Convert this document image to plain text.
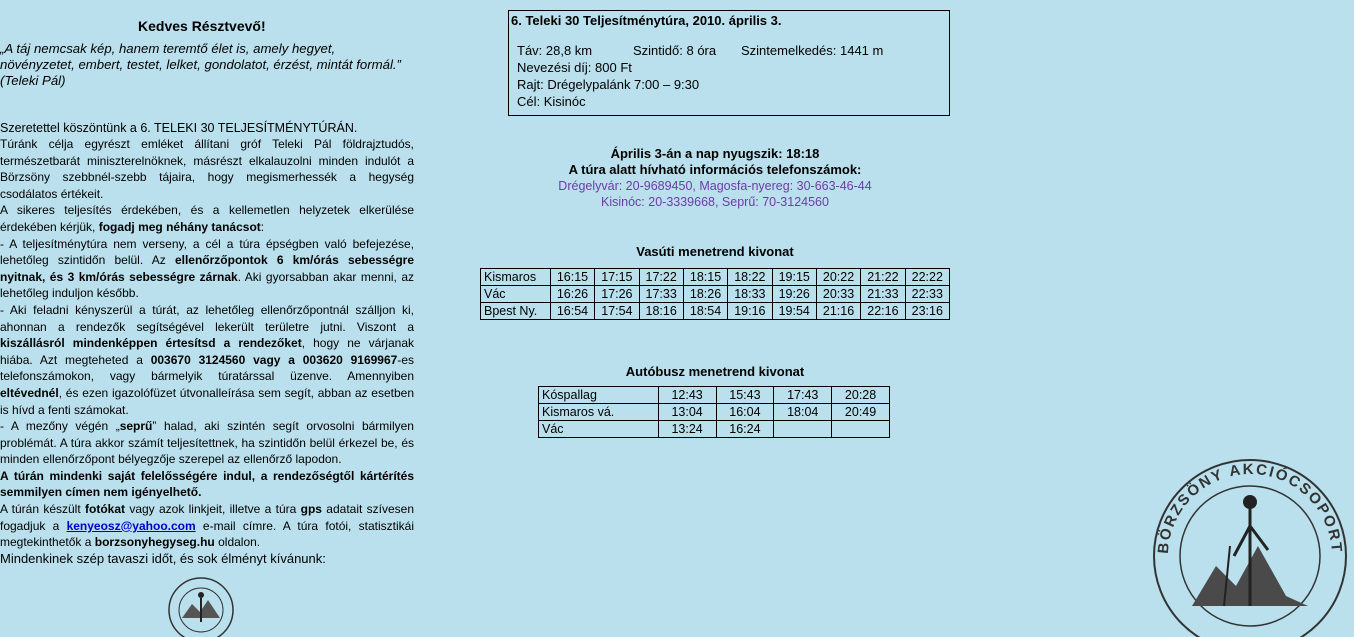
Kedves Résztvevő!
„A táj nemcsak kép, hanem teremtő élet is, amely hegyet, növényzetet, embert, testet, lelket, gondolatot, érzést, mintát formál.” (Teleki Pál)
Szeretettel köszöntünk a 6. TELEKI 30 TELJESÍTMÉNYTÚRÁN.

Túránk célja egyrészt emléket állítani gróf Teleki Pál földrajztudós, természetbarát miniszterelnöknek, másrészt elkalauzolni minden indulót a Börzsöny szebbnél-szebb tájaira, hogy megismerhessék a hegység csodálatos értékeit.

A sikeres teljesítés érdekében, és a kellemetlen helyzetek elkerülése érdekében kérjük, fogadj meg néhány tanácsot:

- A teljesítménytúra nem verseny, a cél a túra épségben való befejezése, lehetőleg szintidőn belül. Az ellenőrzőpontok 6 km/órás sebességre nyitnak, és 3 km/órás sebességre zárnak. Aki gyorsabban akar menni, az lehetőleg induljon később.

- Aki feladni kényszerül a túrát, az lehetőleg ellenőrzőpontnál szálljon ki, ahonnan a rendezők segítségével lekerült területre jutni. Viszont a kiszállásról mindenképpen értesítsd a rendezőket, hogy ne várjanak hiába. Azt megteheted a 003670 3124560 vagy a 003620 9169967-es telefonszámokon, vagy bármelyik túratárssal üzenve. Amennyiben eltévednél, és ezen igazolófüzet útvonalleírása sem segít, abban az esetben is hívd a fenti számokat.

- A mezőny végén „seprű” halad, aki szintén segít orvosolni bármilyen problémát. A túra akkor számít teljesítettnek, ha szintidőn belül érkezel be, és minden ellenőrzőpont bélyegzője szerepel az ellenőrző lapodon.

A túrán mindenki saját felelősségére indul, a rendezőségtől kártérítés semmilyen címen nem igényelhető.

A túrán készült fotókat vagy azok linkjeit, illetve a túra gps adatait szívesen fogadjuk a kenyeosz@yahoo.com e-mail címre. A túra fotói, statisztikái megtekinthetők a borzsonyhegyseg.hu oldalon.

Mindenkinek szép tavaszi időt, és sok élményt kívánunk:

6. Teleki 30 Teljesítménytúra, 2010. április 3.
Táv: 28,8 km	Szintidő: 8 óra Szintemelkedés: 1441 m
Nevezési díj: 800 Ft
Rajt: Drégelypalánk 7:00 – 9:30
Cél: Kisinóc
Április 3-án a nap nyugszik: 18:18
A túra alatt hívható információs telefonszámok:
Drégelyvár: 20-9689450, Magosfa-nyereg: 30-663-46-44
Kisinóc: 20-3339668, Seprű: 70-3124560
Vasúti menetrend kivonat
Kismaros	16:15	17:15	17:22	18:15	18:22	19:15	20:22	21:22	22:22
Vác	16:26	17:26	17:33	18:26	18:33	19:26	20:33	21:33	22:33
Bpest Ny.	16:54	17:54	18:16	18:54	19:16	19:54	21:16	22:16	23:16
Autóbusz menetrend kivonat
Kóspallag	12:43	15:43	17:43	20:28
Kismaros vá.	13:04	16:04	18:04	20:49
Vác	13:24	16:24		
BÖRZSÖNY AKCIÓCSOPORT
